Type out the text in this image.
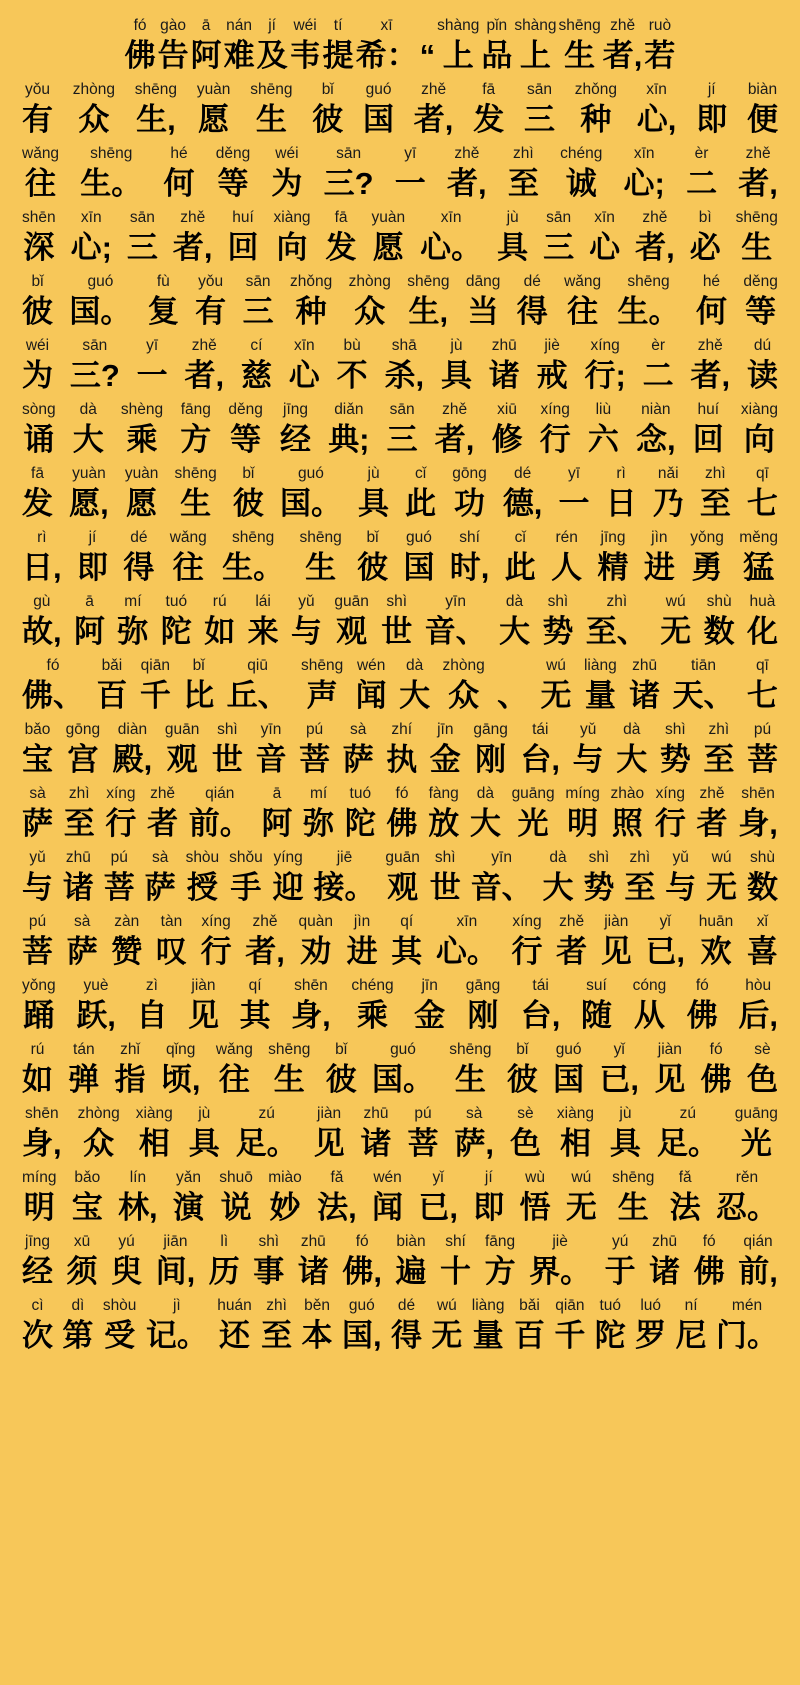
fó
佛
gào
告
ā
阿
nán
难
jí
及
wéi
韦
tí
提
xī
希： “
shàng
上
pǐn
品
shàng
上
shēng
生
zhě
者,
ruò
若
yǒu
有
zhòng
众
shēng
生,
yuàn
愿
shēng
生
bǐ
彼
guó
国
zhě
者,
fā
发
sān
三
zhǒng
种
xīn
心,
jí
即
biàn
便
wǎng
往
shēng
生。
hé
何
děng
等
wéi
为
sān
三?
yī
一
zhě
者,
zhì
至
chéng
诚
xīn
心;
èr
二
zhě
者,
shēn
深
xīn
心;
sān
三
zhě
者,
huí
回
xiàng
向
fā
发
yuàn
愿
xīn
心。
jù
具
sān
三
xīn
心
zhě
者,
bì
必
shēng
生
bǐ
彼
guó
国。
fù
复
yǒu
有
sān
三
zhǒng
种
zhòng
众
shēng
生,
dāng
当
dé
得
wǎng
往
shēng
生。
hé
何
děng
等
wéi
为
sān
三?
yī
一
zhě
者,
cí
慈
xīn
心
bù
不
shā
杀,
jù
具
zhū
诸
jiè
戒
xíng
行;
èr
二
zhě
者,
dú
读
sòng
诵
dà
大
shèng
乘
fāng
方
děng
等
jīng
经
diǎn
典;
sān
三
zhě
者,
xiū
修
xíng
行
liù
六
niàn
念,
huí
回
xiàng
向
fā
发
yuàn
愿,
yuàn
愿
shēng
生
bǐ
彼
guó
国。
jù
具
cǐ
此
gōng
功
dé
德,
yī
一
rì
日
nǎi
乃
zhì
至
qī
七
rì
日,
jí
即
dé
得
wǎng
往
shēng
生。
shēng
生
bǐ
彼
guó
国
shí
时,
cǐ
此
rén
人
jīng
精
jìn
进
yǒng
勇
měng
猛
gù
故,
ā
阿
mí
弥
tuó
陀
rú
如
lái
来
yǔ
与
guān
观
shì
世
yīn
音、
dà
大
shì
势
zhì
至、
wú
无
shù
数
huà
化
fó
佛、
bǎi
百
qiān
千
bǐ
比
qiū
丘、
shēng
声
wén
闻
dà
大
zhòng
众 、
wú
无
liàng
量
zhū
诸
tiān
天、
qī
七
bǎo
宝
gōng
宫
diàn
殿,
guān
观
shì
世
yīn
音
pú
菩
sà
萨
zhí
执
jīn
金
gāng
刚
tái
台,
yǔ
与
dà
大
shì
势
zhì
至
pú
菩
sà
萨
zhì
至
xíng
行
zhě
者
qián
前。
ā
阿
mí
弥
tuó
陀
fó
佛
fàng
放
dà
大
guāng
光
míng
明
zhào
照
xíng
行
zhě
者
shēn
身,
yǔ
与
zhū
诸
pú
菩
sà
萨
shòu
授
shǒu
手
yíng
迎
jiē
接。
guān
观
shì
世
yīn
音、
dà
大
shì
势
zhì
至
yǔ
与
wú
无
shù
数
pú
菩
sà
萨
zàn
赞
tàn
叹
xíng
行
zhě
者,
quàn
劝
jìn
进
qí
其
xīn
心。
xíng
行
zhě
者
jiàn
见
yǐ
已,
huān
欢
xǐ
喜
yǒng
踊
yuè
跃,
zì
自
jiàn
见
qí
其
shēn
身,
chéng
乘
jīn
金
gāng
刚
tái
台,
suí
随
cóng
从
fó
佛
hòu
后,
rú
如
tán
弹
zhǐ
指
qǐng
顷,
wǎng
往
shēng
生
bǐ
彼
guó
国。
shēng
生
bǐ
彼
guó
国
yǐ
已,
jiàn
见
fó
佛
sè
色
shēn
身,
zhòng
众
xiàng
相
jù
具
zú
足。
jiàn
见
zhū
诸
pú
菩
sà
萨,
sè
色
xiàng
相
jù
具
zú
足。
guāng
光
míng
明
bǎo
宝
lín
林,
yǎn
演
shuō
说
miào
妙
fǎ
法,
wén
闻
yǐ
已,
jí
即
wù
悟
wú
无
shēng
生
fǎ
法
rěn
忍。
jīng
经
xū
须
yú
臾
jiān
间,
lì
历
shì
事
zhū
诸
fó
佛,
biàn
遍
shí
十
fāng
方
jiè
界。
yú
于
zhū
诸
fó
佛
qián
前,
cì
次
dì
第
shòu
受
jì
记。
huán
还
zhì
至
běn
本
guó
国,
dé
得
wú
无
liàng
量
bǎi
百
qiān
千
tuó
陀
luó
罗
ní
尼
mén
门。
